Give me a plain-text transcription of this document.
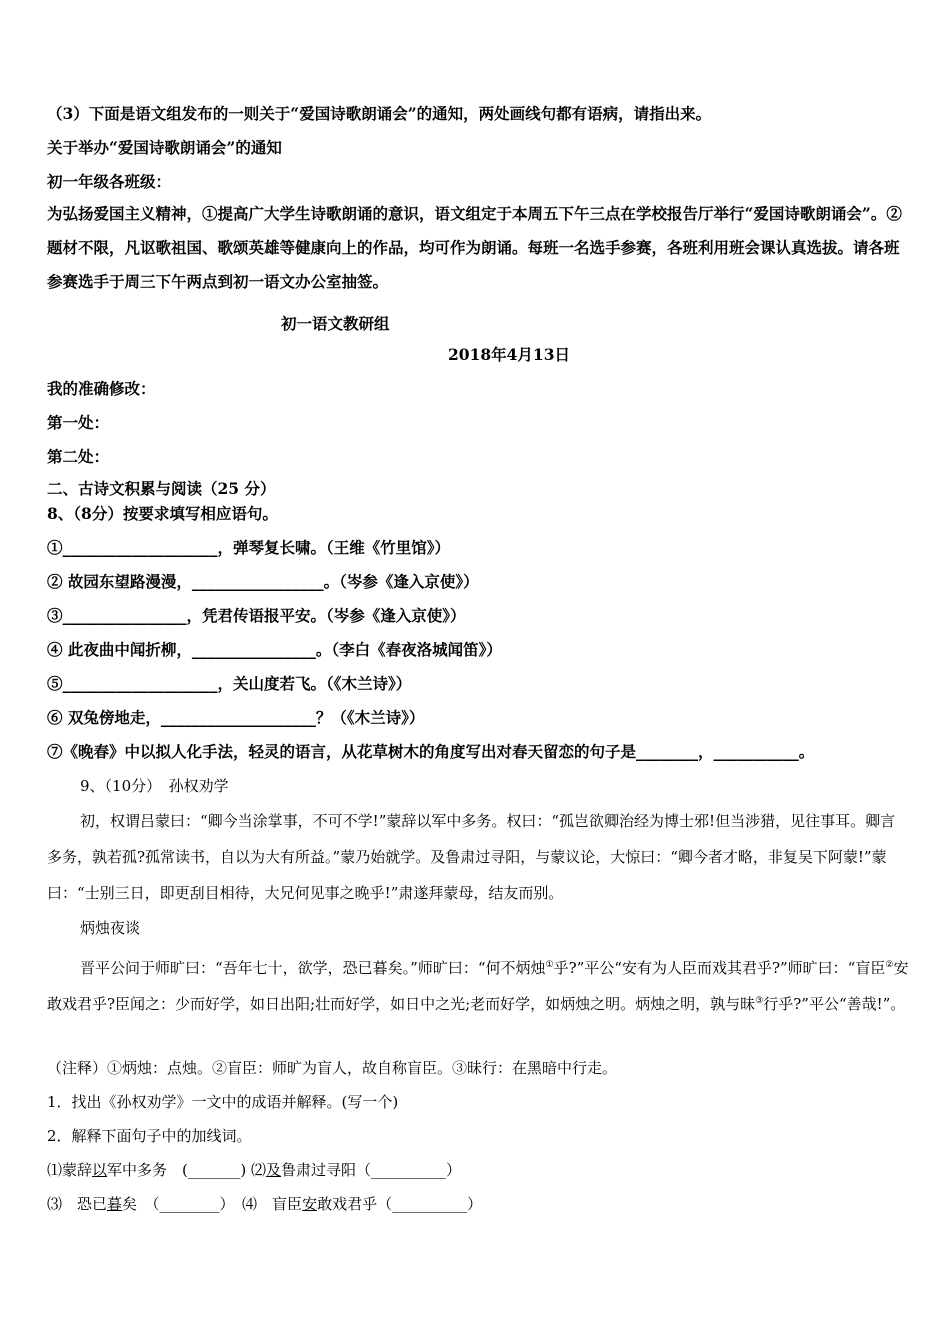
（3）下面是语文组发布的一则关于“爱国诗歌朗诵会”的通知，两处画线句都有语病，请指出来。
关于举办“爱国诗歌朗诵会”的通知
初一年级各班级：
为弘扬爱国主义精神，①提高广大学生诗歌朗诵的意识，语文组定于本周五下午三点在学校报告厅举行“爱国诗歌朗诵会”。②题材不限，凡讴歌祖国、歌颂英雄等健康向上的作品，均可作为朗诵。每班一名选手参赛，各班利用班会课认真选拔。请各班参赛选手于周三下午两点到初一语文办公室抽签。
初一语文教研组
2018年4月13日
我的准确修改：
第一处：
第二处：
二、古诗文积累与阅读（25 分）
8、（8分）按要求填写相应语句。
①____________________，弹琴复长啸。（王维《竹里馆》）
② 故园东望路漫漫，_________________。（岑参《逢入京使》）
③________________，凭君传语报平安。（岑参《逢入京使》）
④ 此夜曲中闻折柳，________________。（李白《春夜洛城闻笛》）
⑤____________________，关山度若飞。（《木兰诗》）
⑥ 双兔傍地走，____________________？（《木兰诗》）
⑦《晚春》中以拟人化手法，轻灵的语言，从花草树木的角度写出对春天留恋的句子是________，___________。
9、（10分）　孙权劝学
初，权谓吕蒙曰：“卿今当涂掌事，不可不学!”蒙辞以军中多务。权曰：“孤岂欲卿治经为博士邪!但当涉猎，见往事耳。卿言多务，孰若孤?孤常读书，自以为大有所益。”蒙乃始就学。及鲁肃过寻阳，与蒙议论，大惊曰：“卿今者才略，非复吴下阿蒙!”蒙曰：“士别三日，即更刮目相待，大兄何见事之晚乎!”肃遂拜蒙母，结友而别。
炳烛夜谈
晋平公问于师旷曰：“吾年七十，欲学，恐已暮矣。”师旷曰：“何不炳烛①乎?”平公“安有为人臣而戏其君乎?”师旷曰：“盲臣②安敢戏君乎?臣闻之：少而好学，如日出阳;壮而好学，如日中之光;老而好学，如炳烛之明。炳烛之明，孰与昧③行乎?”平公“善哉!”。
（注释）①炳烛：点烛。②盲臣：师旷为盲人，故自称盲臣。③昧行：在黑暗中行走。
1．找出《孙权劝学》一文中的成语并解释。(写一个)
2．解释下面句子中的加线词。
⑴蒙辞以军中多务　(_______) ⑵及鲁肃过寻阳（__________）
⑶　恐已暮矣　（________）　⑷　盲臣安敢戏君乎（__________）
